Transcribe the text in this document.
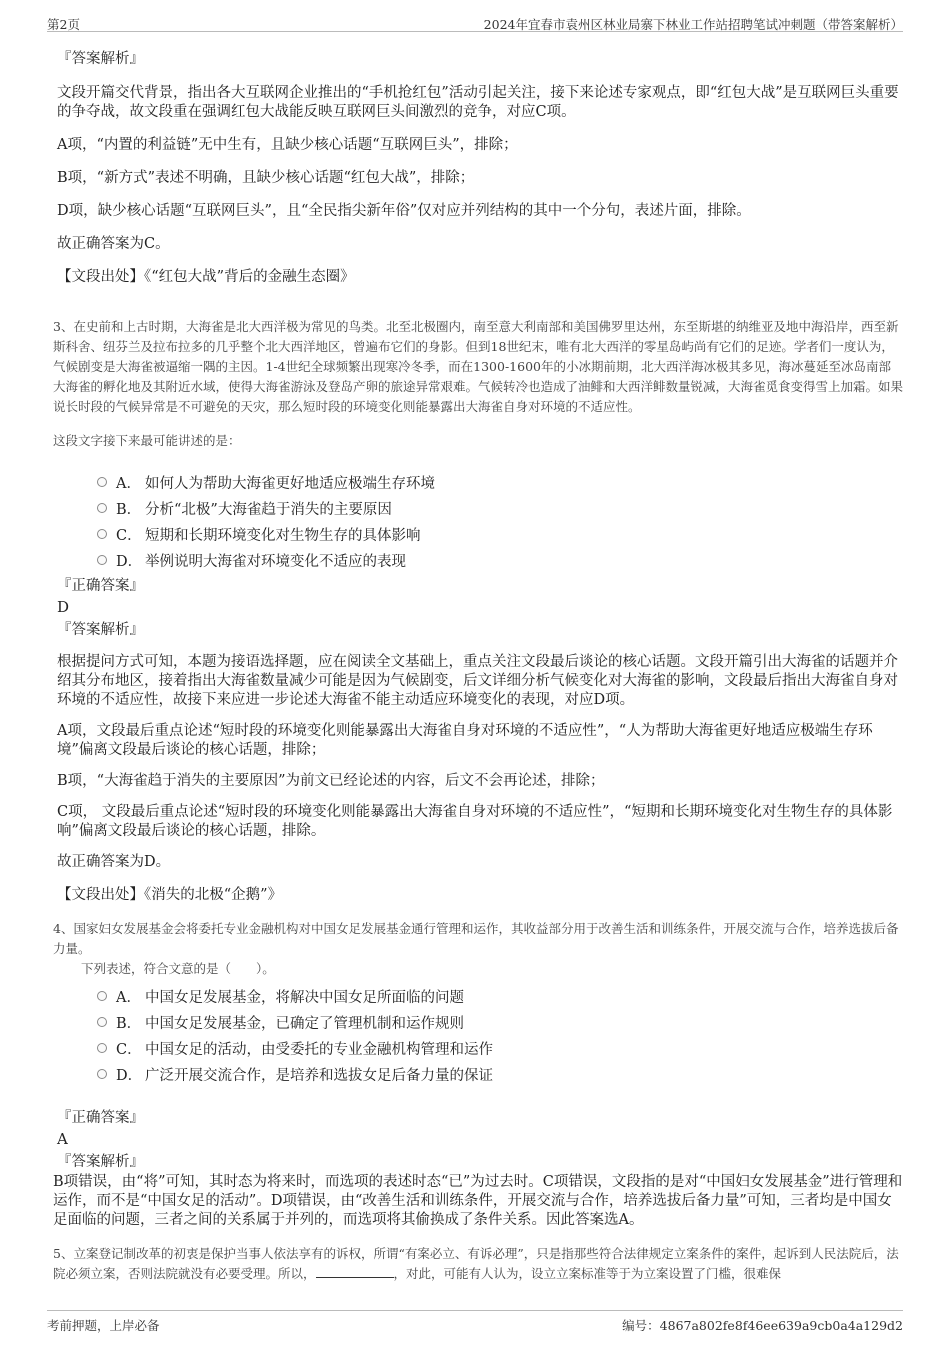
第2页	2024年宜春市袁州区林业局寨下林业工作站招聘笔试冲刺题（带答案解析）
『答案解析』
文段开篇交代背景，指出各大互联网企业推出的“手机抢红包”活动引起关注，接下来论述专家观点，即“红包大战”是互联网巨头重要的争夺战，故文段重在强调红包大战能反映互联网巨头间激烈的竞争，对应C项。
A项，“内置的利益链”无中生有，且缺少核心话题“互联网巨头”，排除；
B项，“新方式”表述不明确，且缺少核心话题“红包大战”，排除；
D项，缺少核心话题“互联网巨头”，且“全民指尖新年俗”仅对应并列结构的其中一个分句，表述片面，排除。
故正确答案为C。
【文段出处】《“红包大战”背后的金融生态圈》
3、在史前和上古时期，大海雀是北大西洋极为常见的鸟类。北至北极圈内，南至意大利南部和美国佛罗里达州，东至斯堪的纳维亚及地中海沿岸，西至新斯科舍、纽芬兰及拉布拉多的几乎整个北大西洋地区，曾遍布它们的身影。但到18世纪末，唯有北大西洋的零星岛屿尚有它们的足迹。学者们一度认为，气候剧变是大海雀被逼缩一隅的主因。1-4世纪全球频繁出现寒冷冬季，而在1300-1600年的小冰期前期，北大西洋海冰极其多见，海冰蔓延至冰岛南部大海雀的孵化地及其附近水域，使得大海雀游泳及登岛产卵的旅途异常艰难。气候转冷也造成了油鲱和大西洋鲱数量锐减，大海雀觅食变得雪上加霜。如果说长时段的气候异常是不可避免的天灾，那么短时段的环境变化则能暴露出大海雀自身对环境的不适应性。
这段文字接下来最可能讲述的是：
A． 如何人为帮助大海雀更好地适应极端生存环境
B． 分析“北极”大海雀趋于消失的主要原因
C． 短期和长期环境变化对生物生存的具体影响
D． 举例说明大海雀对环境变化不适应的表现
『正确答案』
D
『答案解析』
根据提问方式可知，本题为接语选择题，应在阅读全文基础上，重点关注文段最后谈论的核心话题。文段开篇引出大海雀的话题并介绍其分布地区，接着指出大海雀数量减少可能是因为气候剧变，后文详细分析气候变化对大海雀的影响，文段最后指出大海雀自身对环境的不适应性，故接下来应进一步论述大海雀不能主动适应环境变化的表现，对应D项。
A项，文段最后重点论述“短时段的环境变化则能暴露出大海雀自身对环境的不适应性”，“人为帮助大海雀更好地适应极端生存环境”偏离文段最后谈论的核心话题，排除；
B项，“大海雀趋于消失的主要原因”为前文已经论述的内容，后文不会再论述，排除；
C项， 文段最后重点论述“短时段的环境变化则能暴露出大海雀自身对环境的不适应性”，“短期和长期环境变化对生物生存的具体影响”偏离文段最后谈论的核心话题，排除。
故正确答案为D。
【文段出处】《消失的北极“企鹅”》
4、国家妇女发展基金会将委托专业金融机构对中国女足发展基金通行管理和运作，其收益部分用于改善生活和训练条件，开展交流与合作，培养选拔后备力量。
下列表述，符合文意的是（　　）。
A． 中国女足发展基金，将解决中国女足所面临的问题
B． 中国女足发展基金，已确定了管理机制和运作规则
C． 中国女足的活动，由受委托的专业金融机构管理和运作
D． 广泛开展交流合作，是培养和选拔女足后备力量的保证
『正确答案』
A
『答案解析』
B项错误，由“将”可知，其时态为将来时，而选项的表述时态“已”为过去时。C项错误，文段指的是对“中国妇女发展基金”进行管理和运作，而不是“中国女足的活动”。D项错误，由“改善生活和训练条件，开展交流与合作，培养选拔后备力量”可知，三者均是中国女足面临的问题，三者之间的关系属于并列的，而选项将其偷换成了条件关系。因此答案选A。
5、立案登记制改革的初衷是保护当事人依法享有的诉权，所谓“有案必立、有诉必理”，只是指那些符合法律规定立案条件的案件，起诉到人民法院后，法院必须立案，否则法院就没有必要受理。所以，	，对此，可能有人认为，设立立案标准等于为立案设置了门槛，很难保
考前押题，上岸必备	编号：4867a802fe8f46ee639a9cb0a4a129d2
